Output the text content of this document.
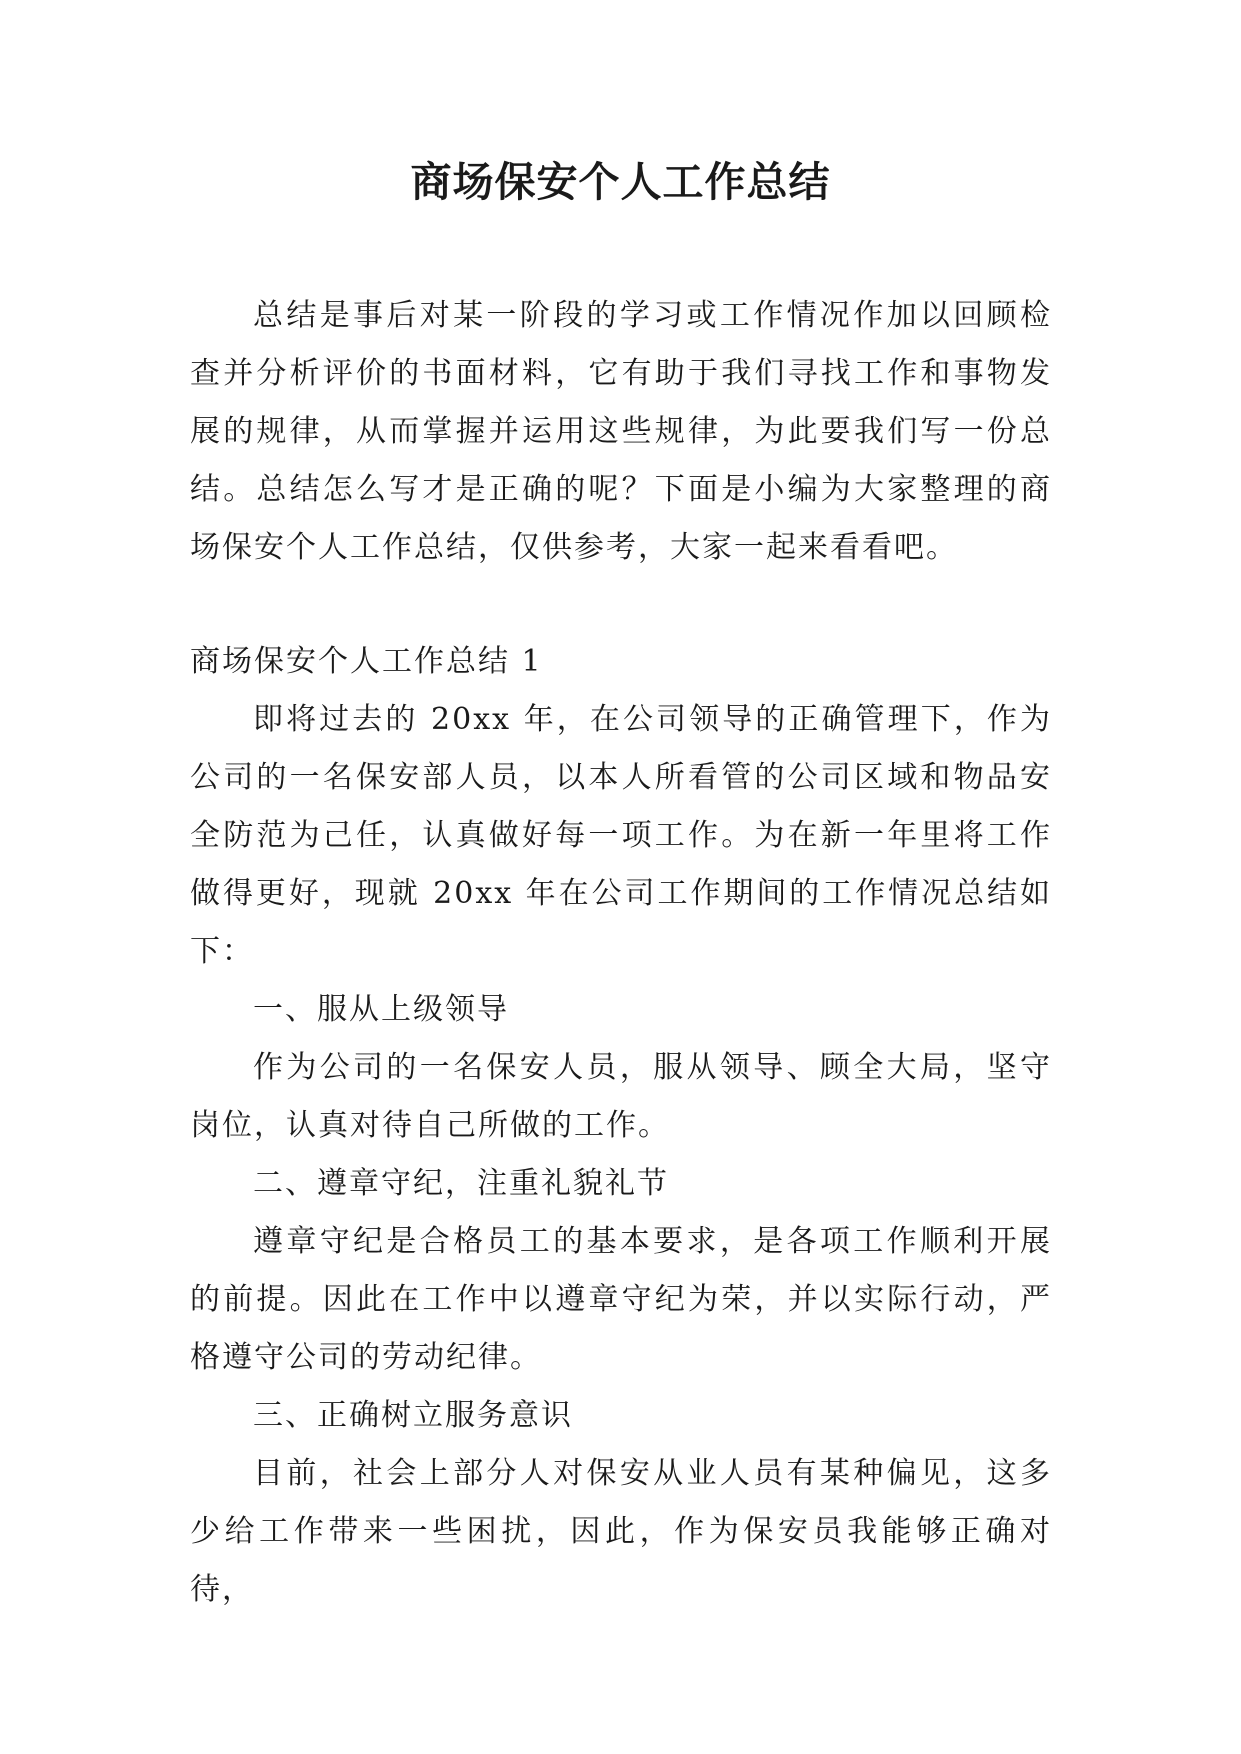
商场保安个人工作总结

总结是事后对某一阶段的学习或工作情况作加以回顾检查并分析评价的书面材料，它有助于我们寻找工作和事物发展的规律，从而掌握并运用这些规律，为此要我们写一份总结。总结怎么写才是正确的呢？下面是小编为大家整理的商场保安个人工作总结，仅供参考，大家一起来看看吧。

商场保安个人工作总结 1

即将过去的 20xx 年，在公司领导的正确管理下，作为公司的一名保安部人员，以本人所看管的公司区域和物品安全防范为己任，认真做好每一项工作。为在新一年里将工作做得更好，现就 20xx 年在公司工作期间的工作情况总结如下：

一、服从上级领导

作为公司的一名保安人员，服从领导、顾全大局，坚守岗位，认真对待自己所做的工作。

二、遵章守纪，注重礼貌礼节

遵章守纪是合格员工的基本要求，是各项工作顺利开展的前提。因此在工作中以遵章守纪为荣，并以实际行动，严格遵守公司的劳动纪律。

三、正确树立服务意识

目前，社会上部分人对保安从业人员有某种偏见，这多少给工作带来一些困扰，因此，作为保安员我能够正确对待，
